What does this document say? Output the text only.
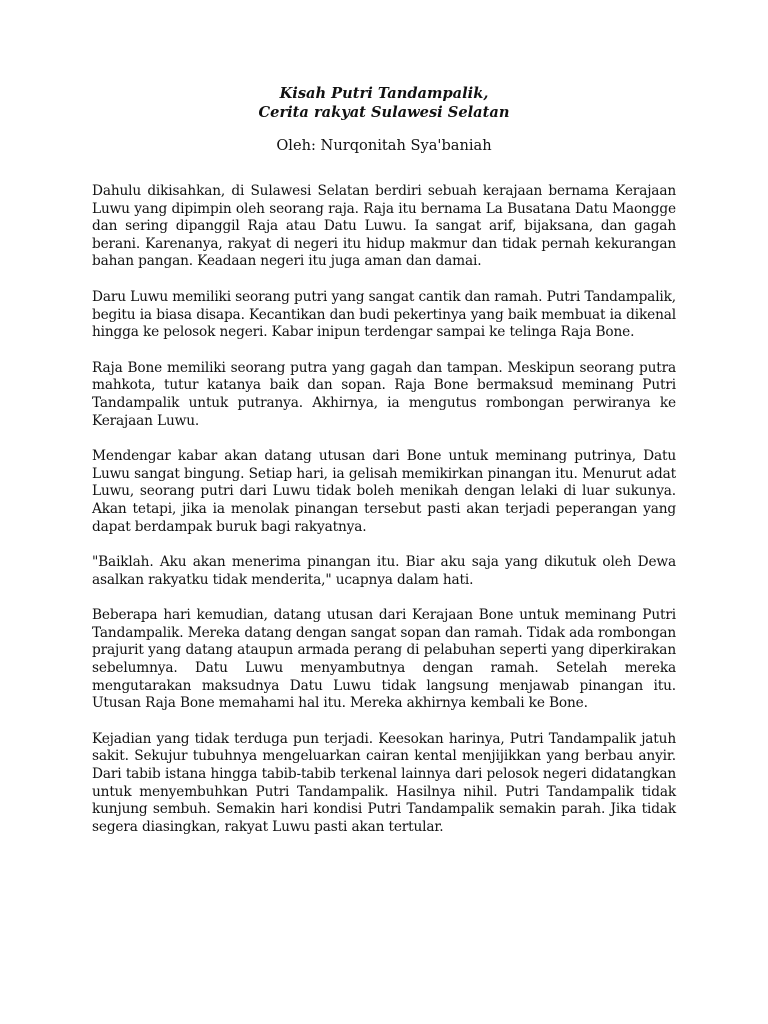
Kisah Putri Tandampalik,

Cerita rakyat Sulawesi Selatan

Oleh: Nurqonitah Sya'baniah

Dahulu dikisahkan, di Sulawesi Selatan berdiri sebuah kerajaan bernama Kerajaan Luwu yang dipimpin oleh seorang raja. Raja itu bernama La Busatana Datu Maongge dan sering dipanggil Raja atau Datu Luwu. Ia sangat arif, bijaksana, dan gagah berani. Karenanya, rakyat di negeri itu hidup makmur dan tidak pernah kekurangan bahan pangan. Keadaan negeri itu juga aman dan damai.

Daru Luwu memiliki seorang putri yang sangat cantik dan ramah. Putri Tandampalik, begitu ia biasa disapa. Kecantikan dan budi pekertinya yang baik membuat ia dikenal hingga ke pelosok negeri. Kabar inipun terdengar sampai ke telinga Raja Bone.

Raja Bone memiliki seorang putra yang gagah dan tampan. Meskipun seorang putra mahkota, tutur katanya baik dan sopan. Raja Bone bermaksud meminang Putri Tandampalik untuk putranya. Akhirnya, ia mengutus rombongan perwiranya ke Kerajaan Luwu.

Mendengar kabar akan datang utusan dari Bone untuk meminang putrinya, Datu Luwu sangat bingung. Setiap hari, ia gelisah memikirkan pinangan itu. Menurut adat Luwu, seorang putri dari Luwu tidak boleh menikah dengan lelaki di luar sukunya. Akan tetapi, jika ia menolak pinangan tersebut pasti akan terjadi peperangan yang dapat berdampak buruk bagi rakyatnya.

"Baiklah. Aku akan menerima pinangan itu. Biar aku saja yang dikutuk oleh Dewa asalkan rakyatku tidak menderita," ucapnya dalam hati.

Beberapa hari kemudian, datang utusan dari Kerajaan Bone untuk meminang Putri Tandampalik. Mereka datang dengan sangat sopan dan ramah. Tidak ada rombongan prajurit yang datang ataupun armada perang di pelabuhan seperti yang diperkirakan sebelumnya. Datu Luwu menyambutnya dengan ramah. Setelah mereka mengutarakan maksudnya Datu Luwu tidak langsung menjawab pinangan itu. Utusan Raja Bone memahami hal itu. Mereka akhirnya kembali ke Bone.

Kejadian yang tidak terduga pun terjadi. Keesokan harinya, Putri Tandampalik jatuh sakit. Sekujur tubuhnya mengeluarkan cairan kental menjijikkan yang berbau anyir. Dari tabib istana hingga tabib-tabib terkenal lainnya dari pelosok negeri didatangkan untuk menyembuhkan Putri Tandampalik. Hasilnya nihil. Putri Tandampalik tidak kunjung sembuh. Semakin hari kondisi Putri Tandampalik semakin parah. Jika tidak segera diasingkan, rakyat Luwu pasti akan tertular.
